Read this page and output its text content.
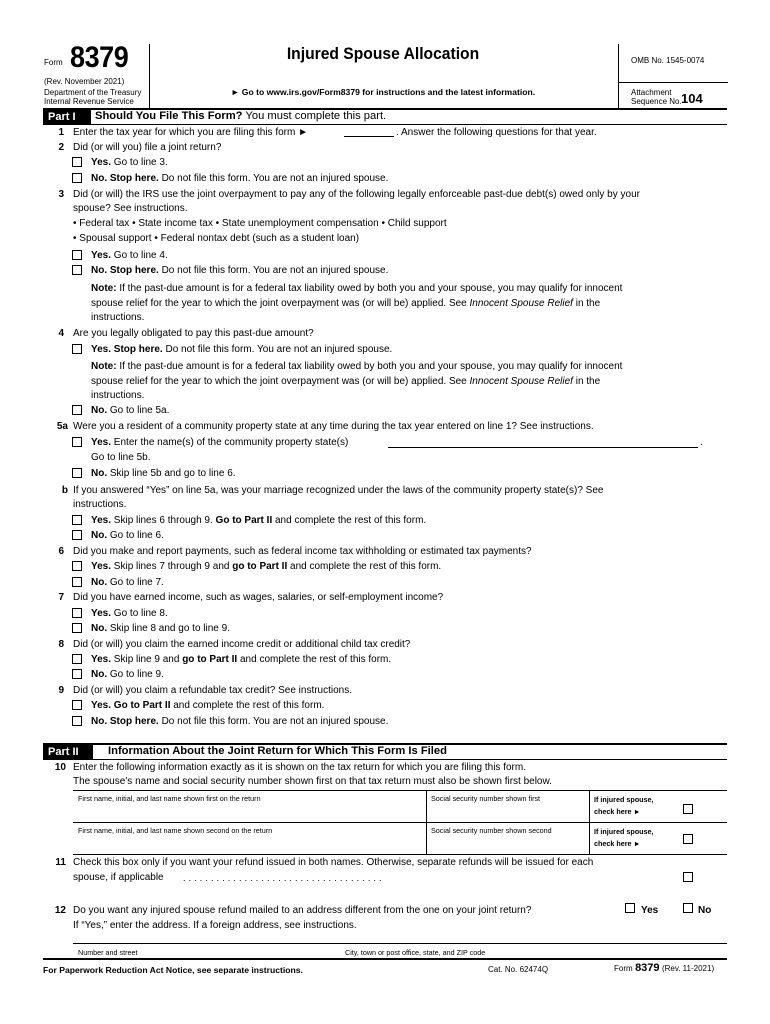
Form 8379
(Rev. November 2021)
Department of the Treasury
Internal Revenue Service
Injured Spouse Allocation
► Go to www.irs.gov/Form8379 for instructions and the latest information.
OMB No. 1545-0074
Attachment
Sequence No. 104
Part I	Should You File This Form? You must complete this part.
1 Enter the tax year for which you are filing this form ►	. Answer the following questions for that year.
2 Did (or will you) file a joint return?
Yes. Go to line 3.
No. Stop here. Do not file this form. You are not an injured spouse.
3 Did (or will) the IRS use the joint overpayment to pay any of the following legally enforceable past-due debt(s) owed only by your
spouse? See instructions.
• Federal tax • State income tax • State unemployment compensation • Child support
• Spousal support • Federal nontax debt (such as a student loan)
Yes. Go to line 4.
No. Stop here. Do not file this form. You are not an injured spouse.
Note: If the past-due amount is for a federal tax liability owed by both you and your spouse, you may qualify for innocent
spouse relief for the year to which the joint overpayment was (or will be) applied. See Innocent Spouse Relief in the
instructions.
4 Are you legally obligated to pay this past-due amount?
Yes. Stop here. Do not file this form. You are not an injured spouse.
Note: If the past-due amount is for a federal tax liability owed by both you and your spouse, you may qualify for innocent
spouse relief for the year to which the joint overpayment was (or will be) applied. See Innocent Spouse Relief in the
instructions.
No. Go to line 5a.
5a Were you a resident of a community property state at any time during the tax year entered on line 1? See instructions.
Yes. Enter the name(s) of the community property state(s)	.
Go to line 5b.
No. Skip line 5b and go to line 6.
b If you answered “Yes” on line 5a, was your marriage recognized under the laws of the community property state(s)? See
instructions.
Yes. Skip lines 6 through 9. Go to Part II and complete the rest of this form.
No. Go to line 6.
6 Did you make and report payments, such as federal income tax withholding or estimated tax payments?
Yes. Skip lines 7 through 9 and go to Part II and complete the rest of this form.
No. Go to line 7.
7 Did you have earned income, such as wages, salaries, or self-employment income?
Yes. Go to line 8.
No. Skip line 8 and go to line 9.
8 Did (or will) you claim the earned income credit or additional child tax credit?
Yes. Skip line 9 and go to Part II and complete the rest of this form.
No. Go to line 9.
9 Did (or will) you claim a refundable tax credit? See instructions.
Yes. Go to Part II and complete the rest of this form.
No. Stop here. Do not file this form. You are not an injured spouse.
Part II	Information About the Joint Return for Which This Form Is Filed
10 Enter the following information exactly as it is shown on the tax return for which you are filing this form.
The spouse’s name and social security number shown first on that tax return must also be shown first below.
First name, initial, and last name shown first on the return	Social security number shown first	If injured spouse,
check here ►
First name, initial, and last name shown second on the return	Social security number shown second	If injured spouse,
check here ►
11 Check this box only if you want your refund issued in both names. Otherwise, separate refunds will be issued for each
spouse, if applicable . . . . . . . . . . . . . . . . . . . . . . . . . . . . . . . . . . . .
12 Do you want any injured spouse refund mailed to an address different from the one on your joint return?	Yes	No
If “Yes,” enter the address. If a foreign address, see instructions.
Number and street	City, town or post office, state, and ZIP code
For Paperwork Reduction Act Notice, see separate instructions.	Cat. No. 62474Q	Form 8379 (Rev. 11-2021)
